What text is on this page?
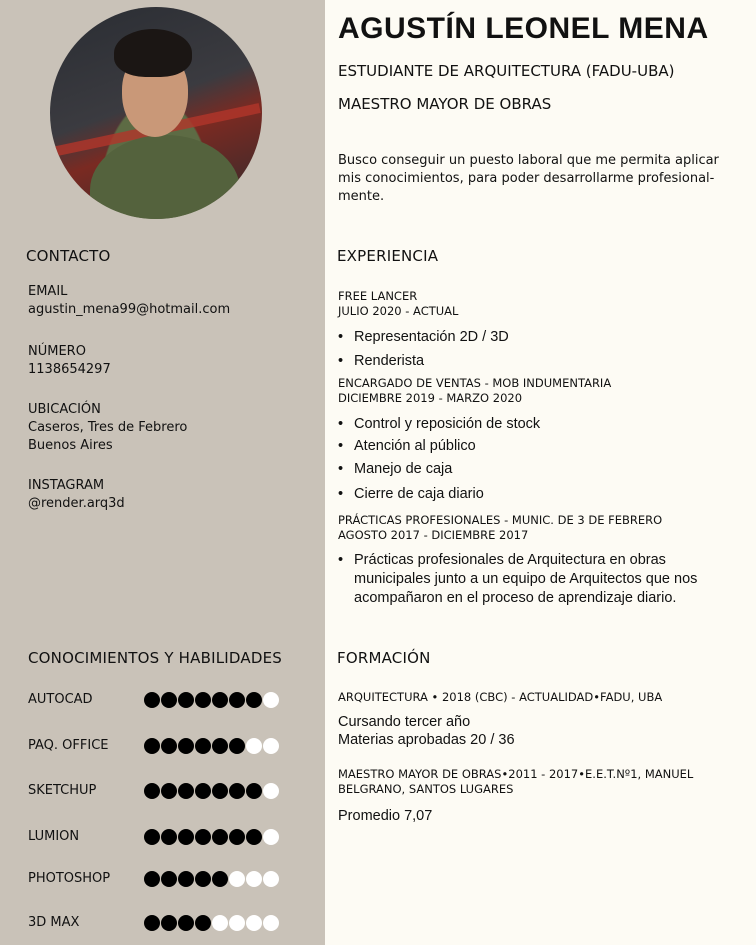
CONTACTO
EMAIL
agustin_mena99@hotmail.com
NÚMERO
1138654297
UBICACIÓN
Caseros, Tres de Febrero
Buenos Aires
INSTAGRAM
@render.arq3d
CONOCIMIENTOS Y HABILIDADES
AUTOCAD
PAQ. OFFICE
SKETCHUP
LUMION
PHOTOSHOP
3D MAX
AGUSTÍN LEONEL MENA
ESTUDIANTE DE ARQUITECTURA (FADU-UBA)
MAESTRO MAYOR DE OBRAS
Busco conseguir un puesto laboral que me permita aplicar mis conocimientos, para poder desarrollarme profesional-mente.
EXPERIENCIA
FREE LANCER
JULIO 2020 - ACTUAL
• Representación 2D / 3D
• Renderista
ENCARGADO DE VENTAS - MOB INDUMENTARIA
DICIEMBRE 2019 - MARZO 2020
• Control y reposición de stock
• Atención al público
• Manejo de caja
• Cierre de caja diario
PRÁCTICAS PROFESIONALES - MUNIC. DE 3 DE FEBRERO
AGOSTO 2017 - DICIEMBRE 2017
• Prácticas profesionales de Arquitectura en obras municipales junto a un equipo de Arquitectos que nos acompañaron en el proceso de aprendizaje diario.
FORMACIÓN
ARQUITECTURA • 2018 (CBC) - ACTUALIDAD•FADU, UBA
Cursando tercer año
Materias aprobadas 20 / 36
MAESTRO MAYOR DE OBRAS•2011 - 2017•E.E.T.Nº1, MANUEL BELGRANO, SANTOS LUGARES
Promedio 7,07
